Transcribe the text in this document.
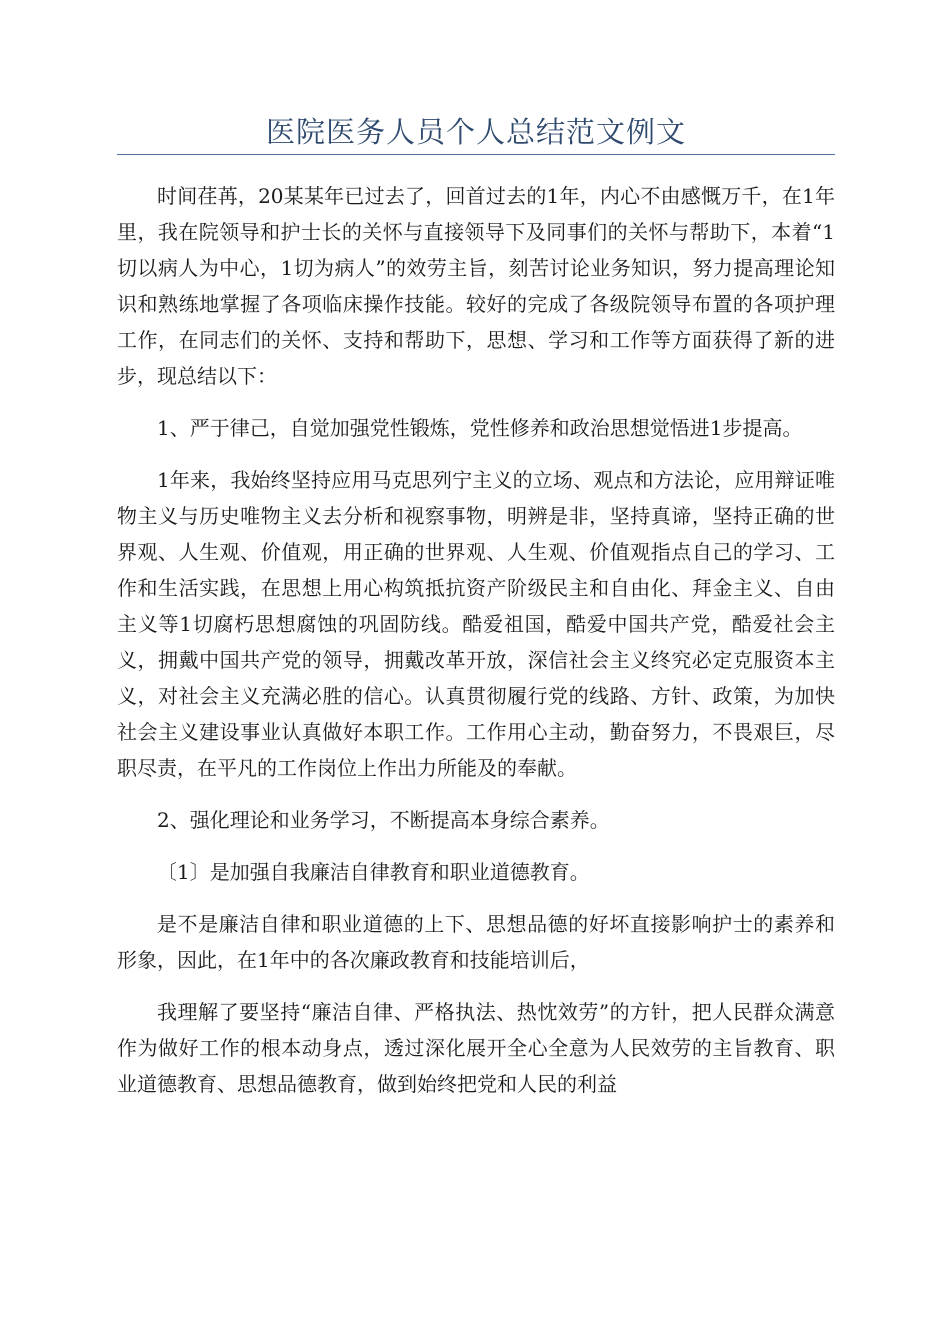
医院医务人员个人总结范文例文

时间荏苒，20某某年已过去了，回首过去的1年，内心不由感慨万千，在1年里，我在院领导和护士长的关怀与直接领导下及同事们的关怀与帮助下，本着“1切以病人为中心，1切为病人”的效劳主旨，刻苦讨论业务知识，努力提高理论知识和熟练地掌握了各项临床操作技能。较好的完成了各级院领导布置的各项护理工作，在同志们的关怀、支持和帮助下，思想、学习和工作等方面获得了新的进步，现总结以下：

1、严于律己，自觉加强党性锻炼，党性修养和政治思想觉悟进1步提高。

1年来，我始终坚持应用马克思列宁主义的立场、观点和方法论，应用辩证唯物主义与历史唯物主义去分析和视察事物，明辨是非，坚持真谛，坚持正确的世界观、人生观、价值观，用正确的世界观、人生观、价值观指点自己的学习、工作和生活实践，在思想上用心构筑抵抗资产阶级民主和自由化、拜金主义、自由主义等1切腐朽思想腐蚀的巩固防线。酷爱祖国，酷爱中国共产党，酷爱社会主义，拥戴中国共产党的领导，拥戴改革开放，深信社会主义终究必定克服资本主义，对社会主义充满必胜的信心。认真贯彻履行党的线路、方针、政策，为加快社会主义建设事业认真做好本职工作。工作用心主动，勤奋努力，不畏艰巨，尽职尽责，在平凡的工作岗位上作出力所能及的奉献。

2、强化理论和业务学习，不断提高本身综合素养。

〔1〕是加强自我廉洁自律教育和职业道德教育。

是不是廉洁自律和职业道德的上下、思想品德的好坏直接影响护士的素养和形象，因此，在1年中的各次廉政教育和技能培训后，

我理解了要坚持“廉洁自律、严格执法、热忱效劳”的方针，把人民群众满意作为做好工作的根本动身点，透过深化展开全心全意为人民效劳的主旨教育、职业道德教育、思想品德教育，做到始终把党和人民的利益
